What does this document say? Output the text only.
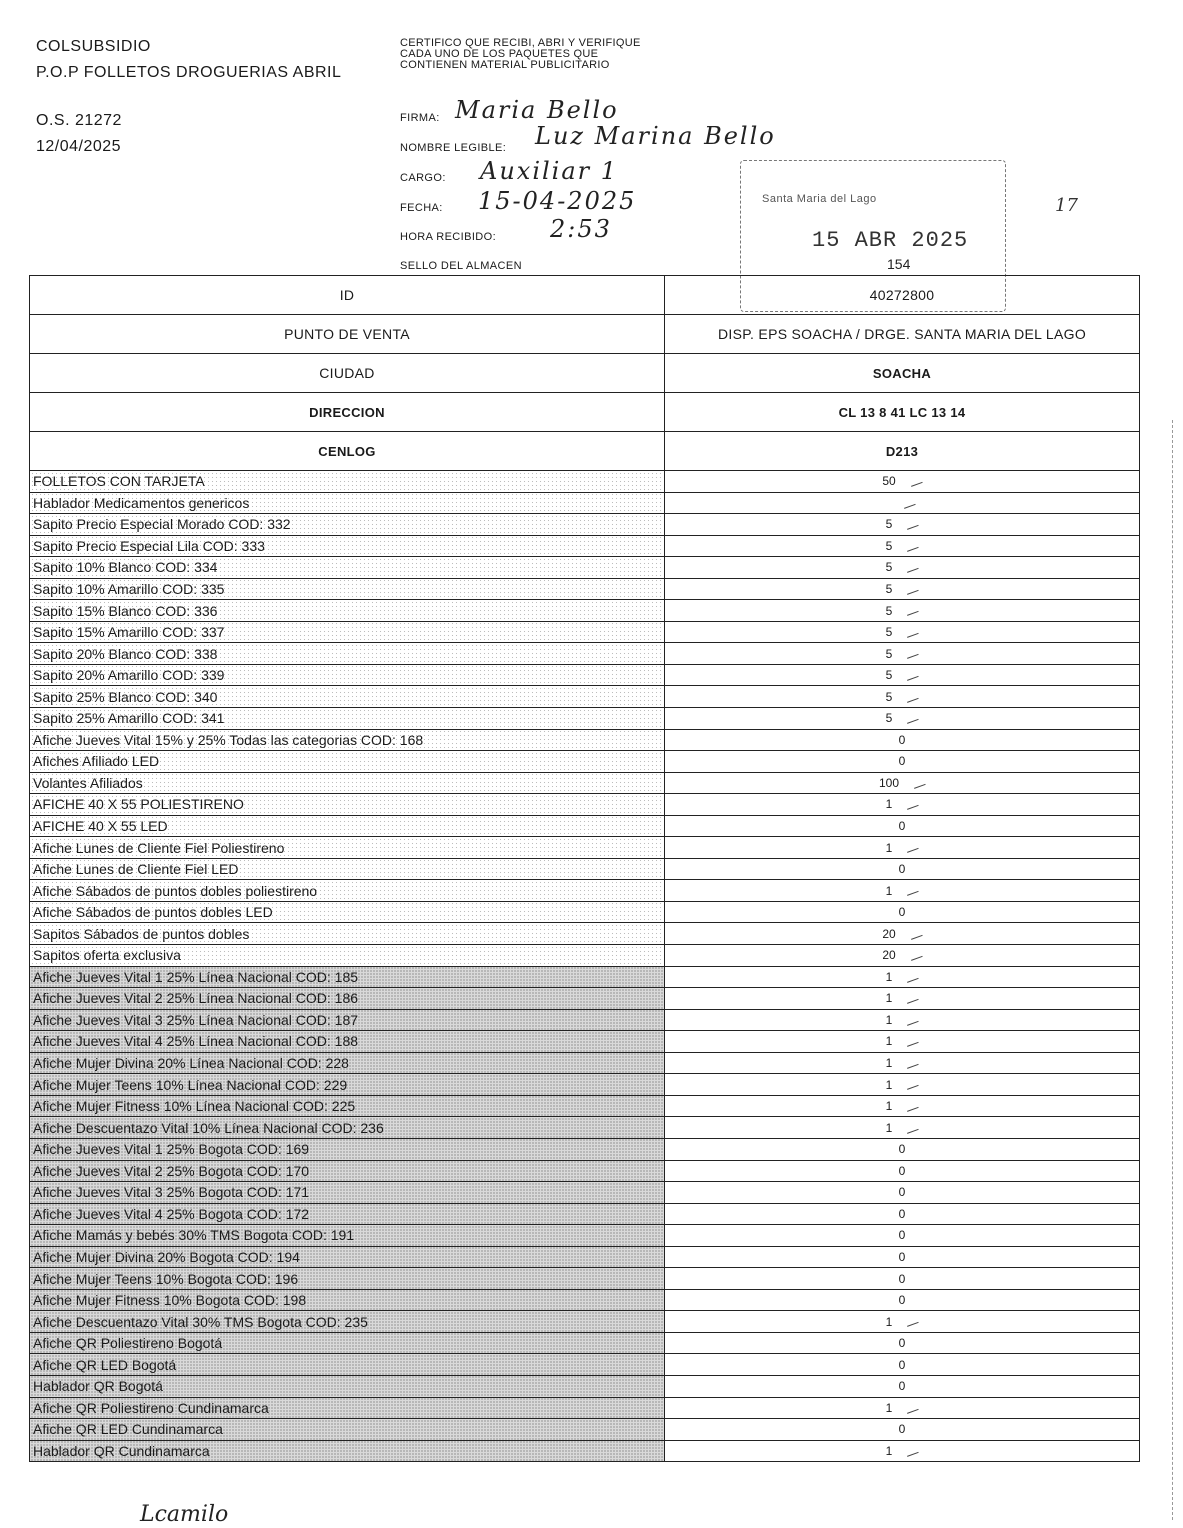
COLSUBSIDIO
P.O.P FOLLETOS DROGUERIAS ABRIL
O.S. 21272
12/04/2025
CERTIFICO QUE RECIBI, ABRI Y VERIFIQUE CADA UNO DE LOS PAQUETES QUE CONTIENEN MATERIAL PUBLICITARIO
FIRMA: Maria Bello
NOMBRE LEGIBLE: Luz Marina Bello
CARGO: Auxiliar 1
FECHA: 15-04-2025
HORA RECIBIDO: 2:53
SELLO DEL ALMACEN
Santa Maria del Lago
15 ABR 2025
154
17
ID	40272800
PUNTO DE VENTA	DISP. EPS SOACHA / DRGE. SANTA MARIA DEL LAGO
CIUDAD	SOACHA
DIRECCION	CL 13 8 41 LC 13 14
CENLOG	D213
FOLLETOS CON TARJETA	50
Hablador Medicamentos genericos	
Sapito Precio Especial Morado COD: 332	5
Sapito Precio Especial Lila COD: 333	5
Sapito 10% Blanco COD: 334	5
Sapito 10% Amarillo COD: 335	5
Sapito 15% Blanco COD: 336	5
Sapito 15% Amarillo COD: 337	5
Sapito 20% Blanco COD: 338	5
Sapito 20% Amarillo COD: 339	5
Sapito 25% Blanco COD: 340	5
Sapito 25% Amarillo COD: 341	5
Afiche Jueves Vital 15% y 25% Todas las categorias COD: 168	0
Afiches Afiliado LED	0
Volantes Afiliados	100
AFICHE 40 X 55 POLIESTIRENO	1
AFICHE 40 X 55 LED	0
Afiche Lunes de Cliente Fiel Poliestireno	1
Afiche Lunes de Cliente Fiel LED	0
Afiche Sábados de puntos dobles poliestireno	1
Afiche Sábados de puntos dobles LED	0
Sapitos Sábados de puntos dobles	20
Sapitos oferta exclusiva	20
Afiche Jueves Vital 1 25% Línea Nacional COD: 185	1
Afiche Jueves Vital 2 25% Línea Nacional COD: 186	1
Afiche Jueves Vital 3 25% Línea Nacional COD: 187	1
Afiche Jueves Vital 4 25% Línea Nacional COD: 188	1
Afiche Mujer Divina 20% Línea Nacional COD: 228	1
Afiche Mujer Teens 10% Línea Nacional COD: 229	1
Afiche Mujer Fitness 10% Línea Nacional COD: 225	1
Afiche Descuentazo Vital 10% Línea Nacional COD: 236	1
Afiche Jueves Vital 1 25% Bogota COD: 169	0
Afiche Jueves Vital 2 25% Bogota COD: 170	0
Afiche Jueves Vital 3 25% Bogota COD: 171	0
Afiche Jueves Vital 4 25% Bogota COD: 172	0
Afiche Mamás y bebés 30% TMS Bogota COD: 191	0
Afiche Mujer Divina 20% Bogota COD: 194	0
Afiche Mujer Teens 10% Bogota COD: 196	0
Afiche Mujer Fitness 10% Bogota COD: 198	0
Afiche Descuentazo Vital 30% TMS Bogota COD: 235	1
Afiche QR Poliestireno Bogotá	0
Afiche QR LED Bogotá	0
Hablador QR Bogotá	0
Afiche QR Poliestireno Cundinamarca	1
Afiche QR LED Cundinamarca	0
Hablador QR Cundinamarca	1
Lcamilo
